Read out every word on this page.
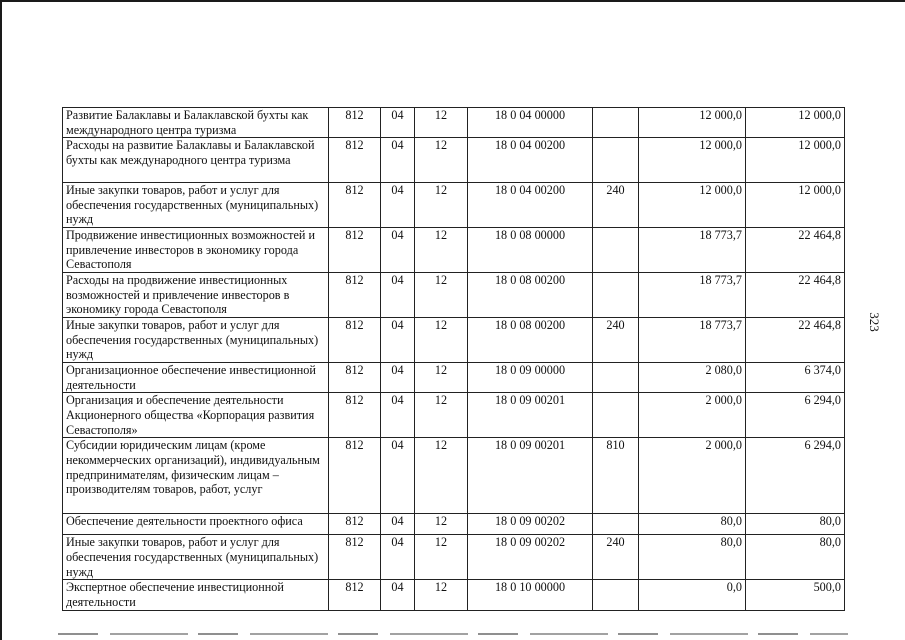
323
Развитие Балаклавы и Балаклавской бухты как международного центра туризма	812	04	12	18 0 04 00000		12 000,0	12 000,0
Расходы на развитие Балаклавы и Балаклавской бухты как международного центра туризма	812	04	12	18 0 04 00200		12 000,0	12 000,0
Иные закупки товаров, работ и услуг для обеспечения государственных (муниципальных) нужд	812	04	12	18 0 04 00200	240	12 000,0	12 000,0
Продвижение инвестиционных возможностей и привлечение инвесторов в экономику города Севастополя	812	04	12	18 0 08 00000		18 773,7	22 464,8
Расходы на продвижение инвестиционных возможностей и привлечение инвесторов в экономику города Севастополя	812	04	12	18 0 08 00200		18 773,7	22 464,8
Иные закупки товаров, работ и услуг для обеспечения государственных (муниципальных) нужд	812	04	12	18 0 08 00200	240	18 773,7	22 464,8
Организационное обеспечение инвестиционной деятельности	812	04	12	18 0 09 00000		2 080,0	6 374,0
Организация и обеспечение деятельности Акционерного общества «Корпорация развития Севастополя»	812	04	12	18 0 09 00201		2 000,0	6 294,0
Субсидии юридическим лицам (кроме некоммерческих организаций), индивидуальным предпринимателям, физическим лицам – производителям товаров, работ, услуг	812	04	12	18 0 09 00201	810	2 000,0	6 294,0
Обеспечение деятельности проектного офиса	812	04	12	18 0 09 00202		80,0	80,0
Иные закупки товаров, работ и услуг для обеспечения государственных (муниципальных) нужд	812	04	12	18 0 09 00202	240	80,0	80,0
Экспертное обеспечение инвестиционной деятельности	812	04	12	18 0 10 00000		0,0	500,0
